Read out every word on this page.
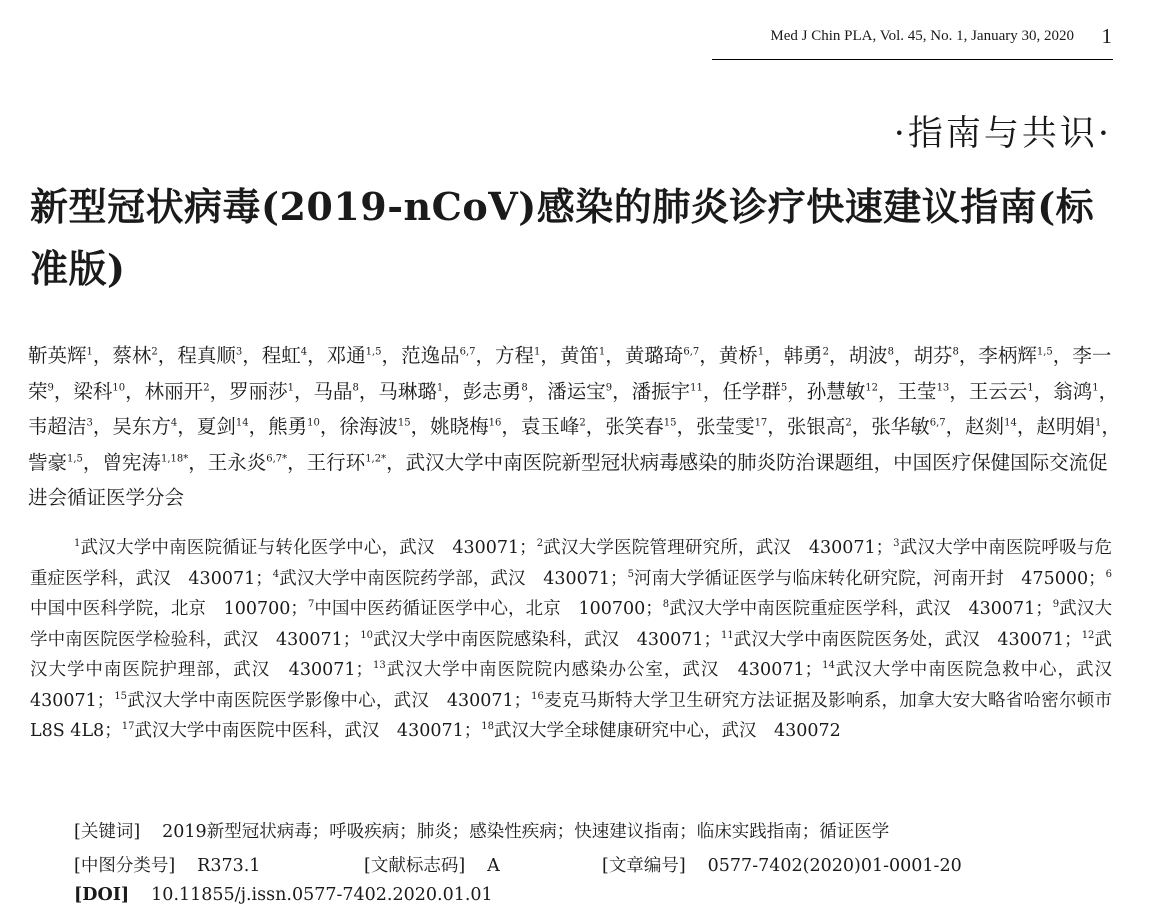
Med J Chin PLA, Vol. 45, No. 1, January 30, 2020 1
·指南与共识·
新型冠状病毒(2019-nCoV)感染的肺炎诊疗快速建议指南(标准版)
靳英辉$^1$，蔡林$^2$，程真顺$^3$，程虹$^4$，邓通$^{1,5}$，范逸品$^{6,7}$，方程$^1$，黄笛$^1$，黄璐琦$^{6,7}$，黄桥$^1$，韩勇$^2$，胡波$^8$，胡芬$^8$，李柄辉$^{1,5}$，李一荣$^9$，梁科$^{10}$，林丽开$^2$，罗丽莎$^1$，马晶$^8$，马琳璐$^1$，彭志勇$^8$，潘运宝$^9$，潘振宇$^{11}$，任学群$^5$，孙慧敏$^{12}$，王莹$^{13}$，王云云$^1$，翁鸿$^1$，韦超洁$^3$，吴东方$^4$，夏剑$^{14}$，熊勇$^{10}$，徐海波$^{15}$，姚晓梅$^{16}$，袁玉峰$^2$，张笑春$^{15}$，张莹雯$^{17}$，张银高$^2$，张华敏$^{6,7}$，赵剡$^{14}$，赵明娟$^1$，訾豪$^{1,5}$，曾宪涛$^{1,18*}$，王永炎$^{6,7*}$，王行环$^{1,2*}$，武汉大学中南医院新型冠状病毒感染的肺炎防治课题组，中国医疗保健国际交流促进会循证医学分会
$^1$武汉大学中南医院循证与转化医学中心，武汉　430071；$^2$武汉大学医院管理研究所，武汉　430071；$^3$武汉大学中南医院呼吸与危重症医学科，武汉　430071；$^4$武汉大学中南医院药学部，武汉　430071；$^5$河南大学循证医学与临床转化研究院，河南开封　475000；$^6$中国中医科学院，北京　100700；$^7$中国中医药循证医学中心，北京　100700；$^8$武汉大学中南医院重症医学科，武汉　430071；$^9$武汉大学中南医院医学检验科，武汉　430071；$^{10}$武汉大学中南医院感染科，武汉　430071；$^{11}$武汉大学中南医院医务处，武汉　430071；$^{12}$武汉大学中南医院护理部，武汉　430071；$^{13}$武汉大学中南医院院内感染办公室，武汉　430071；$^{14}$武汉大学中南医院急救中心，武汉　430071；$^{15}$武汉大学中南医院医学影像中心，武汉　430071；$^{16}$麦克马斯特大学卫生研究方法证据及影响系，加拿大安大略省哈密尔顿市　L8S 4L8；$^{17}$武汉大学中南医院中医科，武汉　430071；$^{18}$武汉大学全球健康研究中心，武汉　430072
[关键词] 2019新型冠状病毒；呼吸疾病；肺炎；感染性疾病；快速建议指南；临床实践指南；循证医学
[中图分类号] R373.1	[文献标志码] A	[文章编号] 0577-7402(2020)01-0001-20
[DOI] 10.11855/j.issn.0577-7402.2020.01.01
